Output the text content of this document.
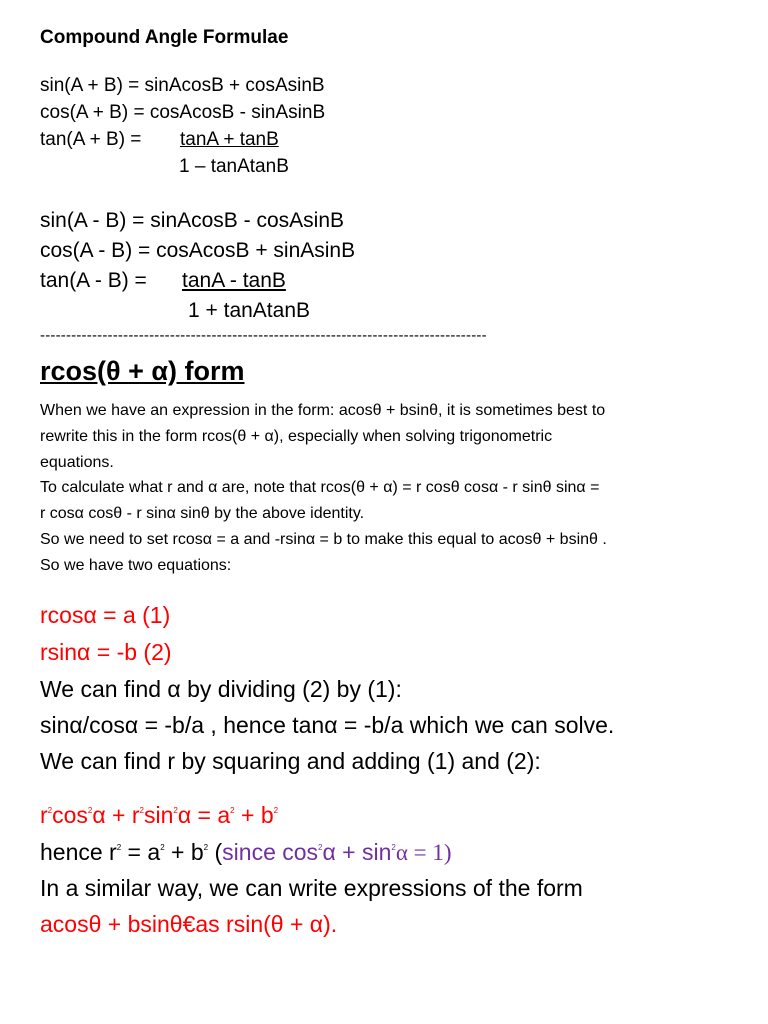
Compound Angle Formulae
sin(A + B) = sinAcosB + cosAsinB
cos(A + B) = cosAcosB - sinAsinB
tan(A + B) = tanA + tanB
1 – tanAtanB
sin(A - B) = sinAcosB - cosAsinB
cos(A - B) = cosAcosB + sinAsinB
tan(A - B) = tanA - tanB
1 + tanAtanB
--------------------------------------------------------------------------------------
rcos(θ + α) form
When we have an expression in the form: acosθ + bsinθ, it is sometimes best to
rewrite this in the form rcos(θ + α), especially when solving trigonometric
equations.
To calculate what r and α are, note that rcos(θ + α) = r cosθ cosα - r sinθ sinα =
r cosα cosθ - r sinα sinθ by the above identity.
So we need to set rcosα = a and -rsinα = b to make this equal to acosθ + bsinθ .
So we have two equations:
rcosα = a (1)
rsinα = -b (2)
We can find α by dividing (2) by (1):
sinα/cosα = -b/a , hence tanα = -b/a which we can solve.
We can find r by squaring and adding (1) and (2):
$r^2\cos^2\alpha + r^2\sin^2\alpha = a^2 + b^2$
hence $r^2 = a^2 + b^2$ (since $\cos^2\alpha + \sin^2\alpha = 1$)
In a similar way, we can write expressions of the form
acosθ + bsinθ€as rsin(θ + α).
